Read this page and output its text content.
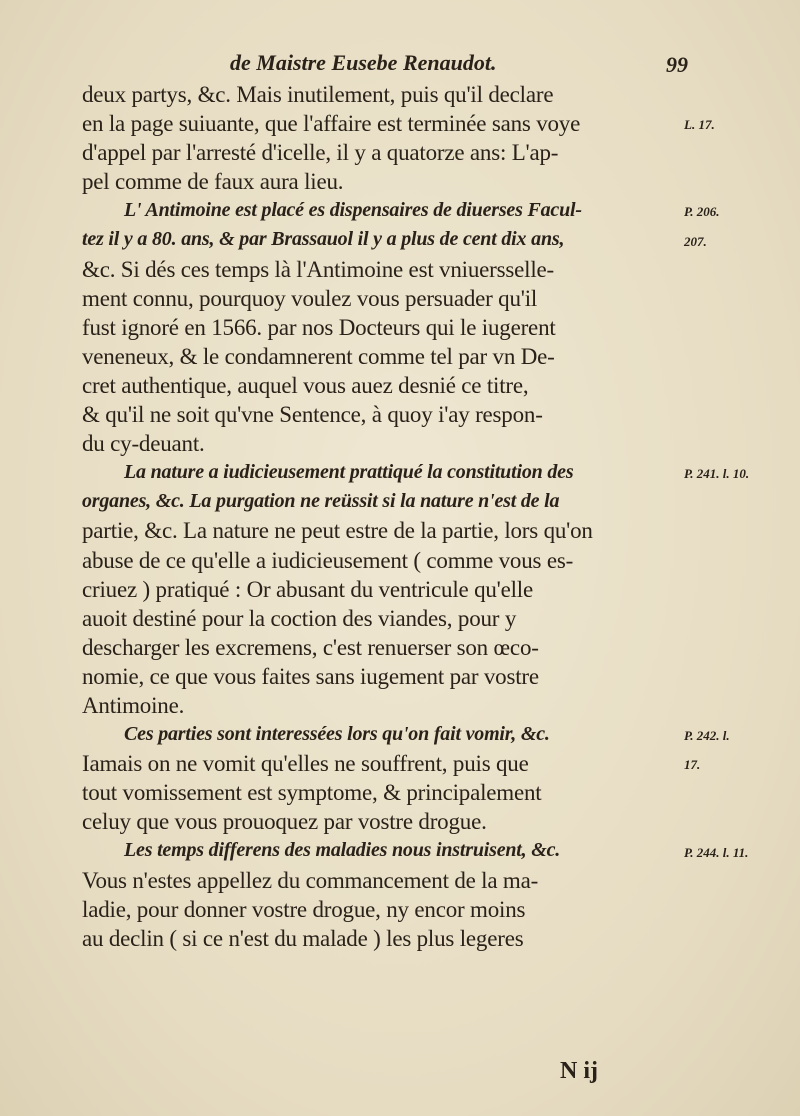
de Maistre Eusebe Renaudot.	99
deux partys, &c. Mais inutilement, puis qu'il declare
en la page suiuante, que l'affaire est terminée sans voye
d'appel par l'arresté d'icelle, il y a quatorze ans: L'ap-
pel comme de faux aura lieu.
L' Antimoine est placé es dispensaires de diuerses Facul-
tez il y a 80. ans, & par Brassauol il y a plus de cent dix ans,
&c. Si dés ces temps là l'Antimoine est vniuersselle-
ment connu, pourquoy voulez vous persuader qu'il
fust ignoré en 1566. par nos Docteurs qui le iugerent
veneneux, & le condamnerent comme tel par vn De-
cret authentique, auquel vous auez desnié ce titre,
& qu'il ne soit qu'vne Sentence, à quoy i'ay respon-
du cy-deuant.
La nature a iudicieusement prattiqué la constitution des
organes, &c. La purgation ne reüssit si la nature n'est de la
partie, &c. La nature ne peut estre de la partie, lors qu'on
abuse de ce qu'elle a iudicieusement ( comme vous es-
criuez ) pratiqué : Or abusant du ventricule qu'elle
auoit destiné pour la coction des viandes, pour y
descharger les excremens, c'est renuerser son œco-
nomie, ce que vous faites sans iugement par vostre
Antimoine.
Ces parties sont interessées lors qu'on fait vomir, &c.
Iamais on ne vomit qu'elles ne souffrent, puis que
tout vomissement est symptome, & principalement
celuy que vous prouoquez par vostre drogue.
Les temps differens des maladies nous instruisent, &c.
Vous n'estes appellez du commancement de la ma-
ladie, pour donner vostre drogue, ny encor moins
au declin ( si ce n'est du malade ) les plus legeres
L. 17.
P. 206.
207.
P. 241. l. 10.
P. 242. l.
17.
P. 244. l. 11.
N ij
